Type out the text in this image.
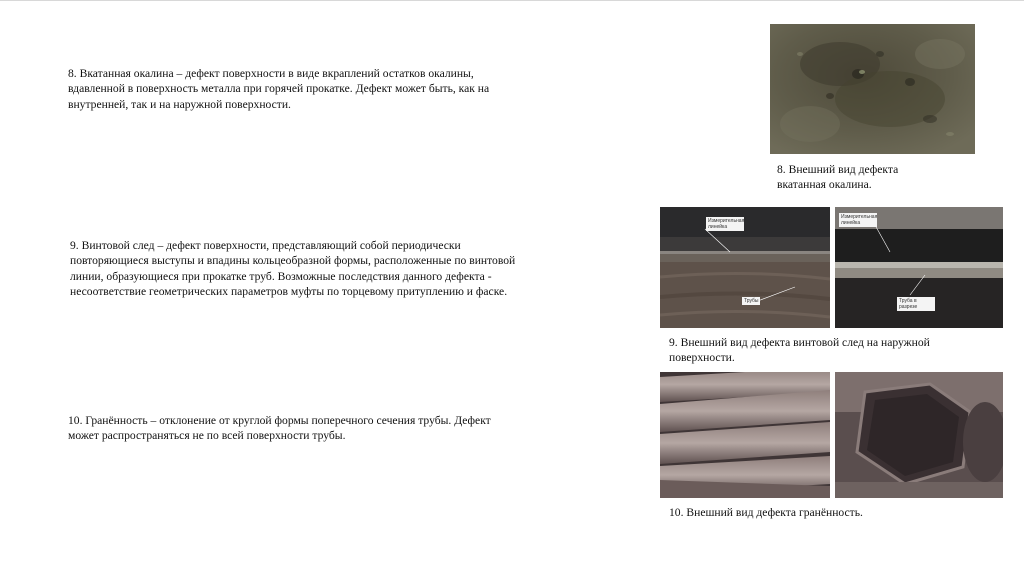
8. Вкатанная окалина – дефект поверхности в виде вкраплений остатков окалины,
вдавленной в поверхность металла при горячей прокатке. Дефект может быть, как на
внутренней, так и на наружной поверхности.
9. Винтовой след – дефект поверхности, представляющий собой периодически
повторяющиеся выступы и впадины кольцеобразной формы, расположенные по винтовой
линии, образующиеся при прокатке труб. Возможные последствия данного дефекта -
несоответствие геометрических параметров муфты по торцевому притуплению и фаске.
10. Гранённость – отклонение от круглой формы поперечного сечения трубы. Дефект
может распространяться не по всей поверхности трубы.
8. Внешний вид дефекта
вкатанная окалина.
Измерительная линейка
Трубы
Измерительная линейка
Труба в разрезе
9. Внешний вид дефекта винтовой след на наружной
поверхности.
10. Внешний вид дефекта гранённость.
